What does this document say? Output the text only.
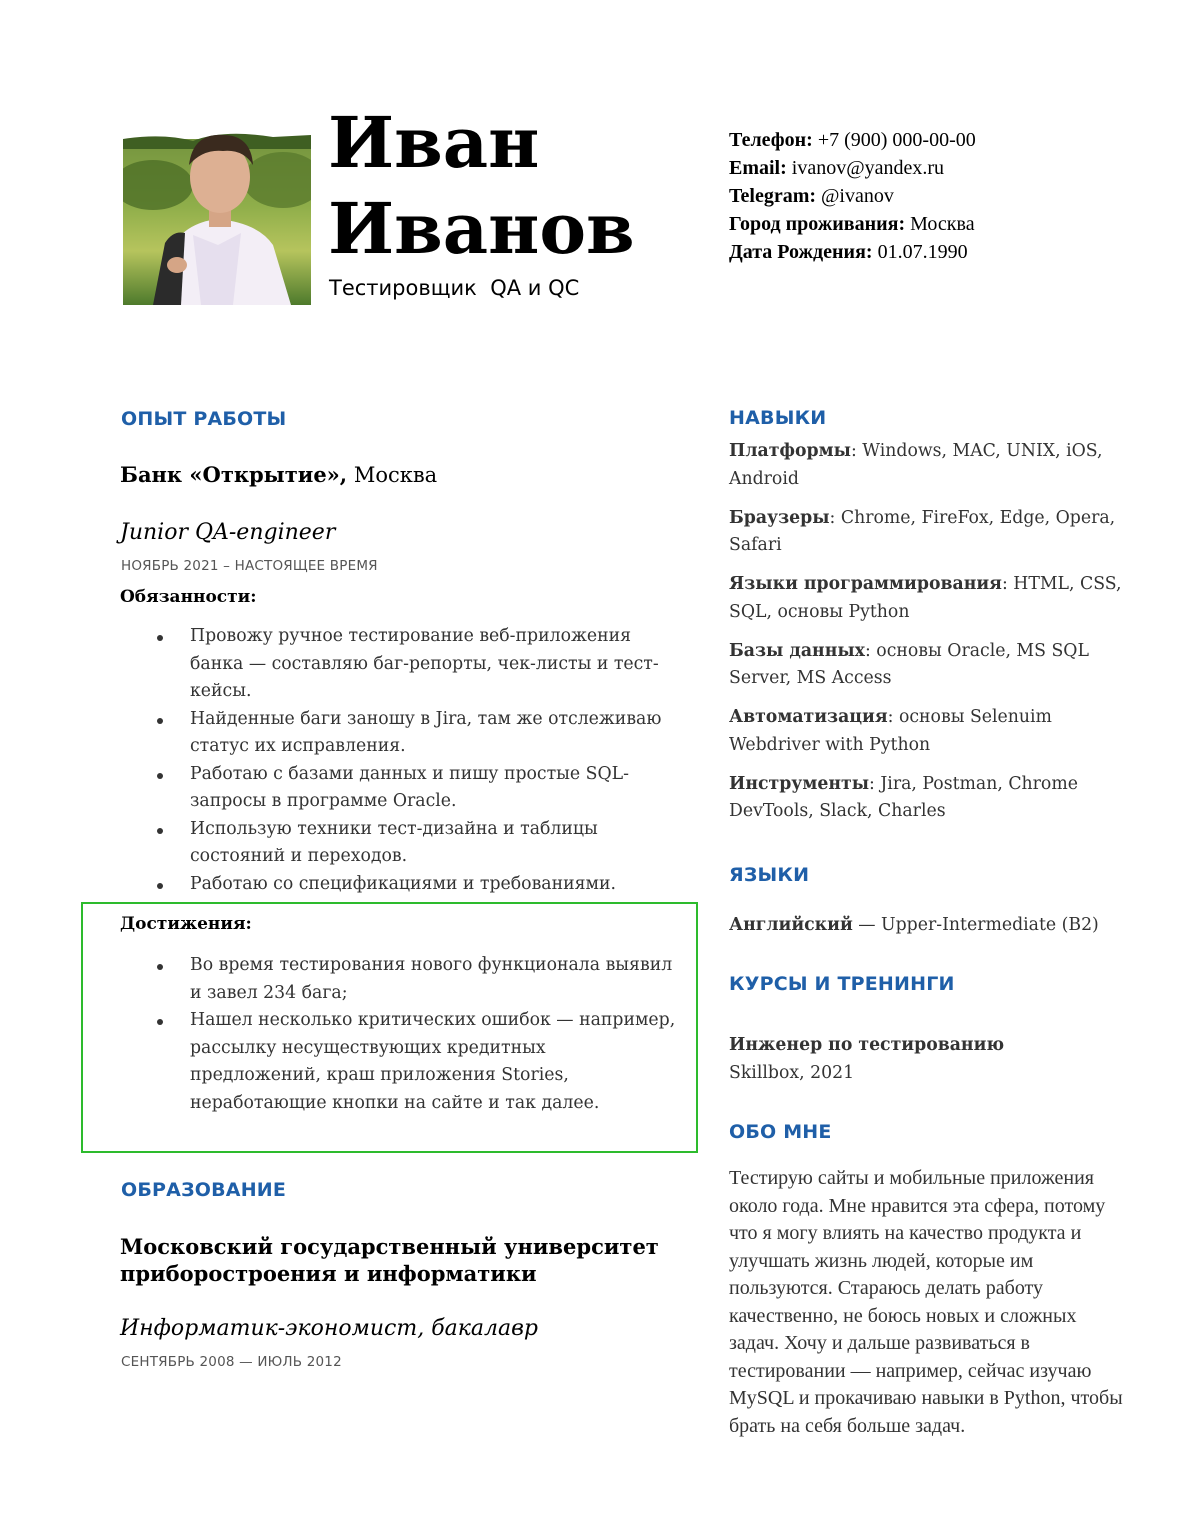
Иван
Иванов
Тестировщик  QA и QC
Телефон: +7 (900) 000-00-00
Email: ivanov@yandex.ru
Telegram: @ivanov
Город проживания: Москва
Дата Рождения: 01.07.1990
ОПЫТ РАБОТЫ
Банк «Открытие», Москва
Junior QA-engineer
НОЯБРЬ 2021 – НАСТОЯЩЕЕ ВРЕМЯ
Обязанности:
Провожу ручное тестирование веб-приложения банка — составляю баг-репорты, чек-листы и тест-кейсы.
Найденные баги заношу в Jira, там же отслеживаю статус их исправления.
Работаю с базами данных и пишу простые SQL-запросы в программе Oracle.
Использую техники тест-дизайна и таблицы состояний и переходов.
Работаю со спецификациями и требованиями.
Достижения:
Во время тестирования нового функционала выявил и завел 234 бага;
Нашел несколько критических ошибок — например, рассылку несуществующих кредитных предложений, краш приложения Stories, неработающие кнопки на сайте и так далее.
ОБРАЗОВАНИЕ
Московский государственный университет приборостроения и информатики
Информатик-экономист, бакалавр
СЕНТЯБРЬ 2008 — ИЮЛЬ 2012
НАВЫКИ
Платформы: Windows, MAC, UNIX, iOS, Android
Браузеры: Chrome, FireFox, Edge, Opera, Safari
Языки программирования: HTML, CSS, SQL, основы Python
Базы данных: основы Oracle, MS SQL Server, MS Access
Автоматизация: основы Selenuim Webdriver with Python
Инструменты: Jira, Postman, Chrome DevTools, Slack, Charles
ЯЗЫКИ
Английский — Upper-Intermediate (B2)
КУРСЫ И ТРЕНИНГИ
Инженер по тестированию
Skillbox, 2021
ОБО МНЕ
Тестирую сайты и мобильные приложения около года. Мне нравится эта сфера, потому что я могу влиять на качество продукта и улучшать жизнь людей, которые им пользуются. Стараюсь делать работу качественно, не боюсь новых и сложных задач. Хочу и дальше развиваться в тестировании — например, сейчас изучаю MySQL и прокачиваю навыки в Python, чтобы брать на себя больше задач.
